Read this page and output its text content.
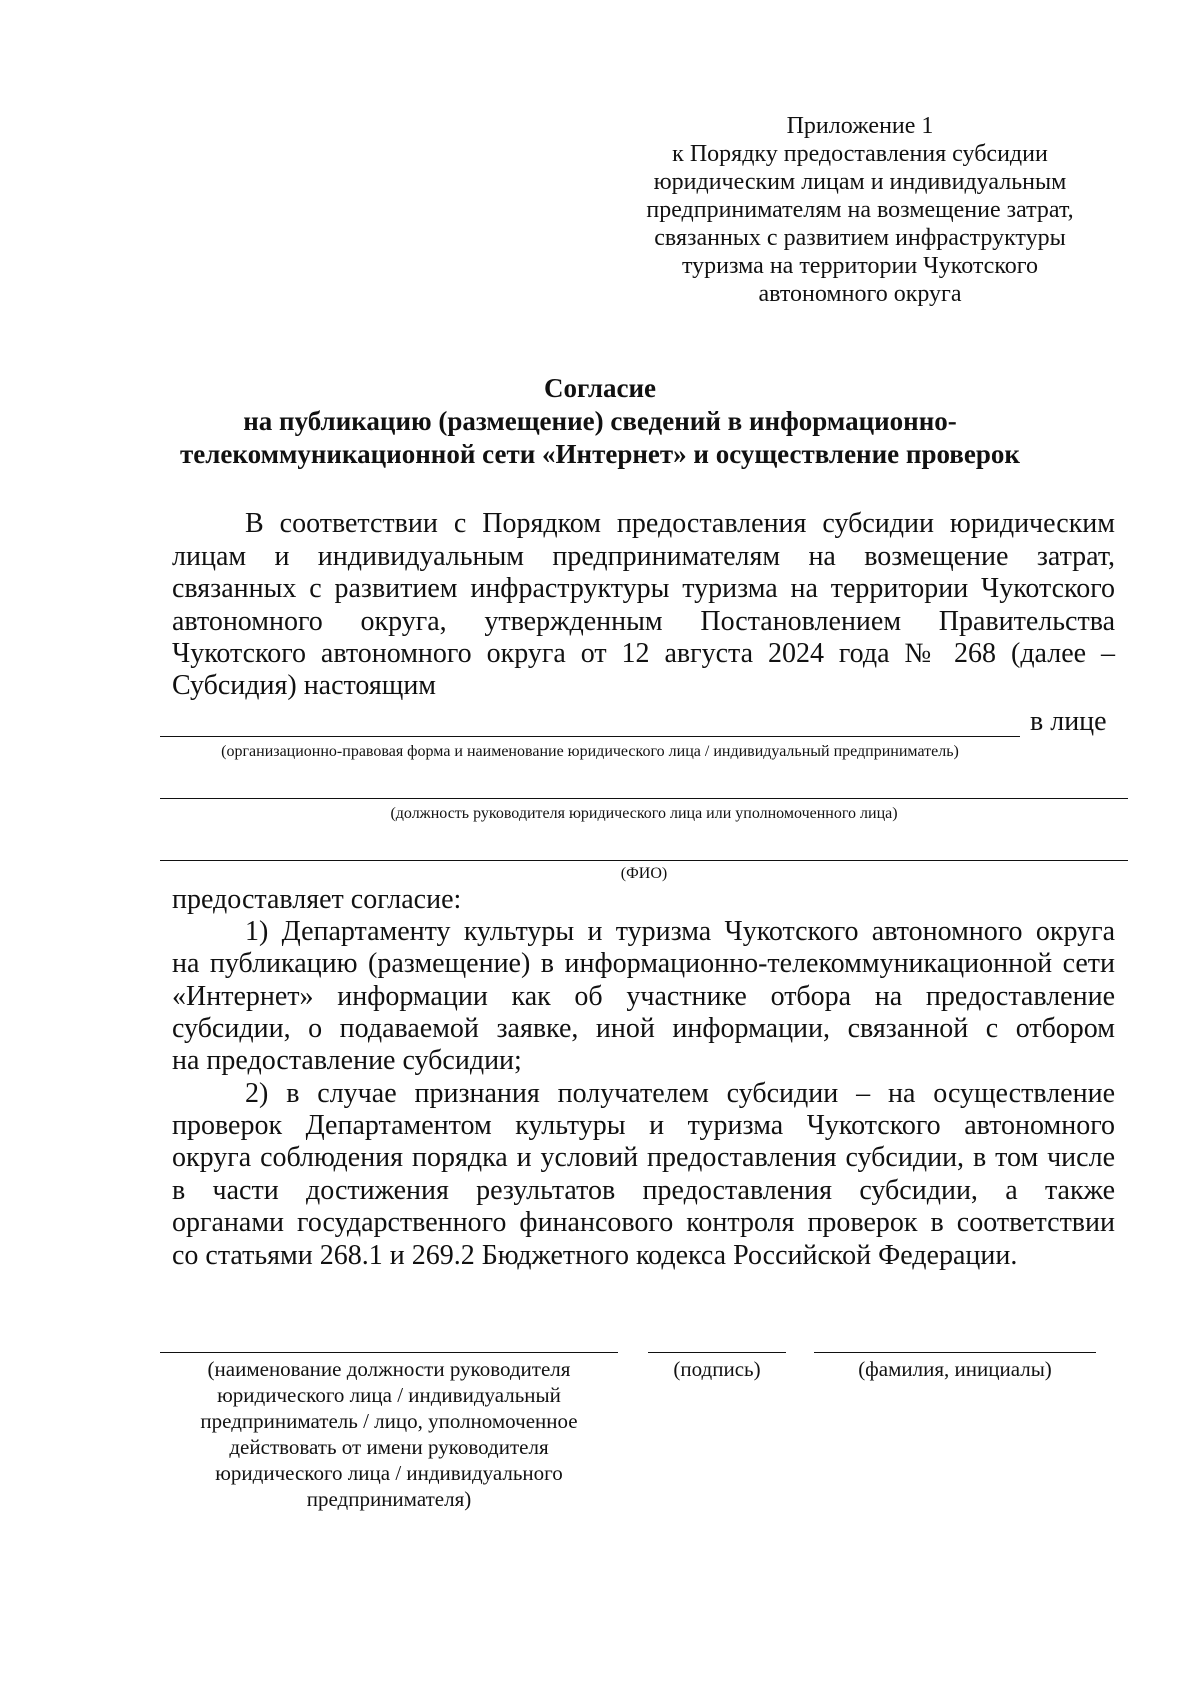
Приложение 1
к Порядку предоставления субсидии
юридическим лицам и индивидуальным
предпринимателям на возмещение затрат,
связанных с развитием инфраструктуры
туризма на территории Чукотского
автономного округа
Согласие
на публикацию (размещение) сведений в информационно-
телекоммуникационной сети «Интернет» и осуществление проверок
В соответствии с Порядком предоставления субсидии юридическим
лицам и индивидуальным предпринимателям на возмещение затрат,
связанных с развитием инфраструктуры туризма на территории Чукотского
автономного округа, утвержденным Постановлением Правительства
Чукотского автономного округа от 12 августа 2024 года № 268 (далее –
Субсидия) настоящим
в лице
(организационно-правовая форма и наименование юридического лица / индивидуальный предприниматель)
(должность руководителя юридического лица или уполномоченного лица)
(ФИО)
предоставляет согласие:
1) Департаменту культуры и туризма Чукотского автономного округа
на публикацию (размещение) в информационно-телекоммуникационной сети
«Интернет» информации как об участнике отбора на предоставление
субсидии, о подаваемой заявке, иной информации, связанной с отбором
на предоставление субсидии;
2) в случае признания получателем субсидии – на осуществление
проверок Департаментом культуры и туризма Чукотского автономного
округа соблюдения порядка и условий предоставления субсидии, в том числе
в части достижения результатов предоставления субсидии, а также
органами государственного финансового контроля проверок в соответствии
со статьями 268.1 и 269.2 Бюджетного кодекса Российской Федерации.
(наименование должности руководителя
юридического лица / индивидуальный
предприниматель / лицо, уполномоченное
действовать от имени руководителя
юридического лица / индивидуального
предпринимателя)
(подпись)	(фамилия, инициалы)
